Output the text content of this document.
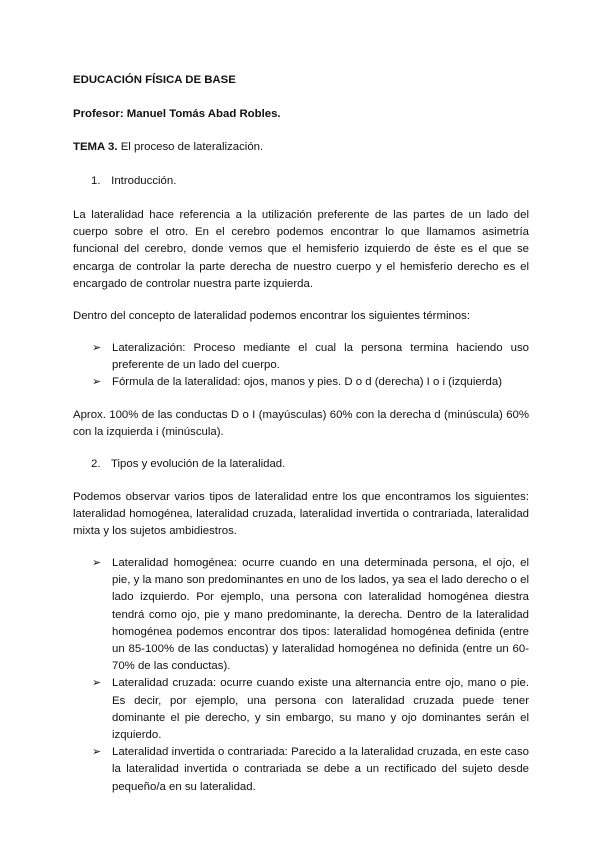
EDUCACIÓN FÍSICA DE BASE
Profesor: Manuel Tomás Abad Robles.
TEMA 3. El proceso de lateralización.
1. Introducción.
La lateralidad hace referencia a la utilización preferente de las partes de un lado del cuerpo sobre el otro. En el cerebro podemos encontrar lo que llamamos asimetría funcional del cerebro, donde vemos que el hemisferio izquierdo de éste es el que se encarga de controlar la parte derecha de nuestro cuerpo y el hemisferio derecho es el encargado de controlar nuestra parte izquierda.
Dentro del concepto de lateralidad podemos encontrar los siguientes términos:
➢ Lateralización: Proceso mediante el cual la persona termina haciendo uso preferente de un lado del cuerpo.
➢ Fórmula de la lateralidad: ojos, manos y pies. D o d (derecha) I o i (izquierda)
Aprox. 100% de las conductas D o I (mayúsculas) 60% con la derecha d (minúscula) 60% con la izquierda i (minúscula).
2. Tipos y evolución de la lateralidad.
Podemos observar varios tipos de lateralidad entre los que encontramos los siguientes: lateralidad homogénea, lateralidad cruzada, lateralidad invertida o contrariada, lateralidad mixta y los sujetos ambidiestros.
➢ Lateralidad homogénea: ocurre cuando en una determinada persona, el ojo, el pie, y la mano son predominantes en uno de los lados, ya sea el lado derecho o el lado izquierdo. Por ejemplo, una persona con lateralidad homogénea diestra tendrá como ojo, pie y mano predominante, la derecha. Dentro de la lateralidad homogénea podemos encontrar dos tipos: lateralidad homogénea definida (entre un 85-100% de las conductas) y lateralidad homogénea no definida (entre un 60-70% de las conductas).
➢ Lateralidad cruzada: ocurre cuando existe una alternancia entre ojo, mano o pie. Es decir, por ejemplo, una persona con lateralidad cruzada puede tener dominante el pie derecho, y sin embargo, su mano y ojo dominantes serán el izquierdo.
➢ Lateralidad invertida o contrariada: Parecido a la lateralidad cruzada, en este caso la lateralidad invertida o contrariada se debe a un rectificado del sujeto desde pequeño/a en su lateralidad.
